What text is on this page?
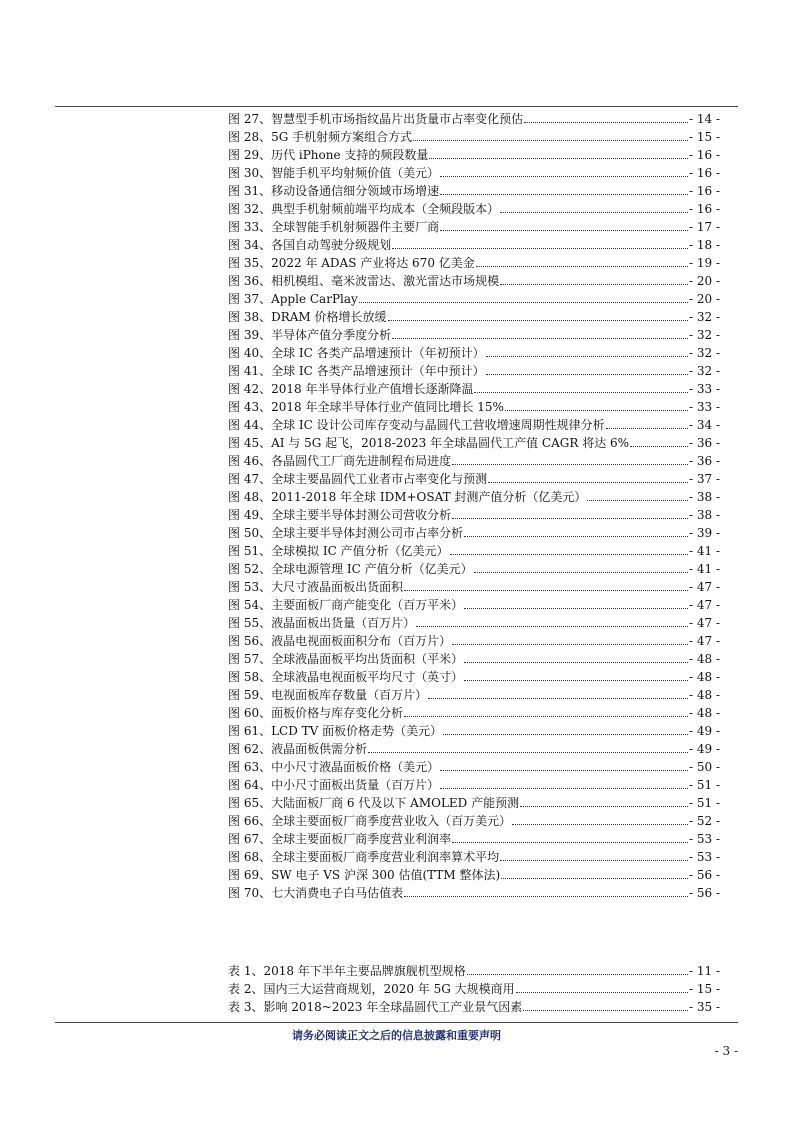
图 27、智慧型手机市场指纹晶片出货量市占率变化预估	- 14 -
图 28、5G 手机射频方案组合方式	- 15 -
图 29、历代 iPhone 支持的频段数量	- 16 -
图 30、智能手机平均射频价值（美元）	- 16 -
图 31、移动设备通信细分领域市场增速	- 16 -
图 32、典型手机射频前端平均成本（全频段版本）	- 16 -
图 33、全球智能手机射频器件主要厂商	- 17 -
图 34、各国自动驾驶分级规划	- 18 -
图 35、2022 年 ADAS 产业将达 670 亿美金	- 19 -
图 36、相机模组、毫米波雷达、激光雷达市场规模	- 20 -
图 37、Apple CarPlay	- 20 -
图 38、DRAM 价格增长放缓	- 32 -
图 39、半导体产值分季度分析	- 32 -
图 40、全球 IC 各类产品增速预计（年初预计）	- 32 -
图 41、全球 IC 各类产品增速预计（年中预计）	- 32 -
图 42、2018 年半导体行业产值增长逐渐降温	- 33 -
图 43、2018 年全球半导体行业产值同比增长 15%	- 33 -
图 44、全球 IC 设计公司库存变动与晶圆代工营收增速周期性规律分析	- 34 -
图 45、AI 与 5G 起飞，2018-2023 年全球晶圆代工产值 CAGR 将达 6%	- 36 -
图 46、各晶圆代工厂商先进制程布局进度	- 36 -
图 47、全球主要晶圆代工业者市占率变化与预测	- 37 -
图 48、2011-2018 年全球 IDM+OSAT 封测产值分析（亿美元）	- 38 -
图 49、全球主要半导体封测公司营收分析	- 38 -
图 50、全球主要半导体封测公司市占率分析	- 39 -
图 51、全球模拟 IC 产值分析（亿美元）	- 41 -
图 52、全球电源管理 IC 产值分析（亿美元）	- 41 -
图 53、大尺寸液晶面板出货面积	- 47 -
图 54、主要面板厂商产能变化（百万平米）	- 47 -
图 55、液晶面板出货量（百万片）	- 47 -
图 56、液晶电视面板面积分布（百万片）	- 47 -
图 57、全球液晶面板平均出货面积（平米）	- 48 -
图 58、全球液晶电视面板平均尺寸（英寸）	- 48 -
图 59、电视面板库存数量（百万片）	- 48 -
图 60、面板价格与库存变化分析	- 48 -
图 61、LCD TV 面板价格走势（美元）	- 49 -
图 62、液晶面板供需分析	- 49 -
图 63、中小尺寸液晶面板价格（美元）	- 50 -
图 64、中小尺寸面板出货量（百万片）	- 51 -
图 65、大陆面板厂商 6 代及以下 AMOLED 产能预测	- 51 -
图 66、全球主要面板厂商季度营业收入（百万美元）	- 52 -
图 67、全球主要面板厂商季度营业利润率	- 53 -
图 68、全球主要面板厂商季度营业利润率算术平均	- 53 -
图 69、SW 电子 VS 沪深 300 估值(TTM 整体法)	- 56 -
图 70、七大消费电子白马估值表	- 56 -
表 1、2018 年下半年主要品牌旗舰机型规格	- 11 -
表 2、国内三大运营商规划，2020 年 5G 大规模商用	- 15 -
表 3、影响 2018~2023 年全球晶圆代工产业景气因素	- 35 -
请务必阅读正文之后的信息披露和重要声明
- 3 -
